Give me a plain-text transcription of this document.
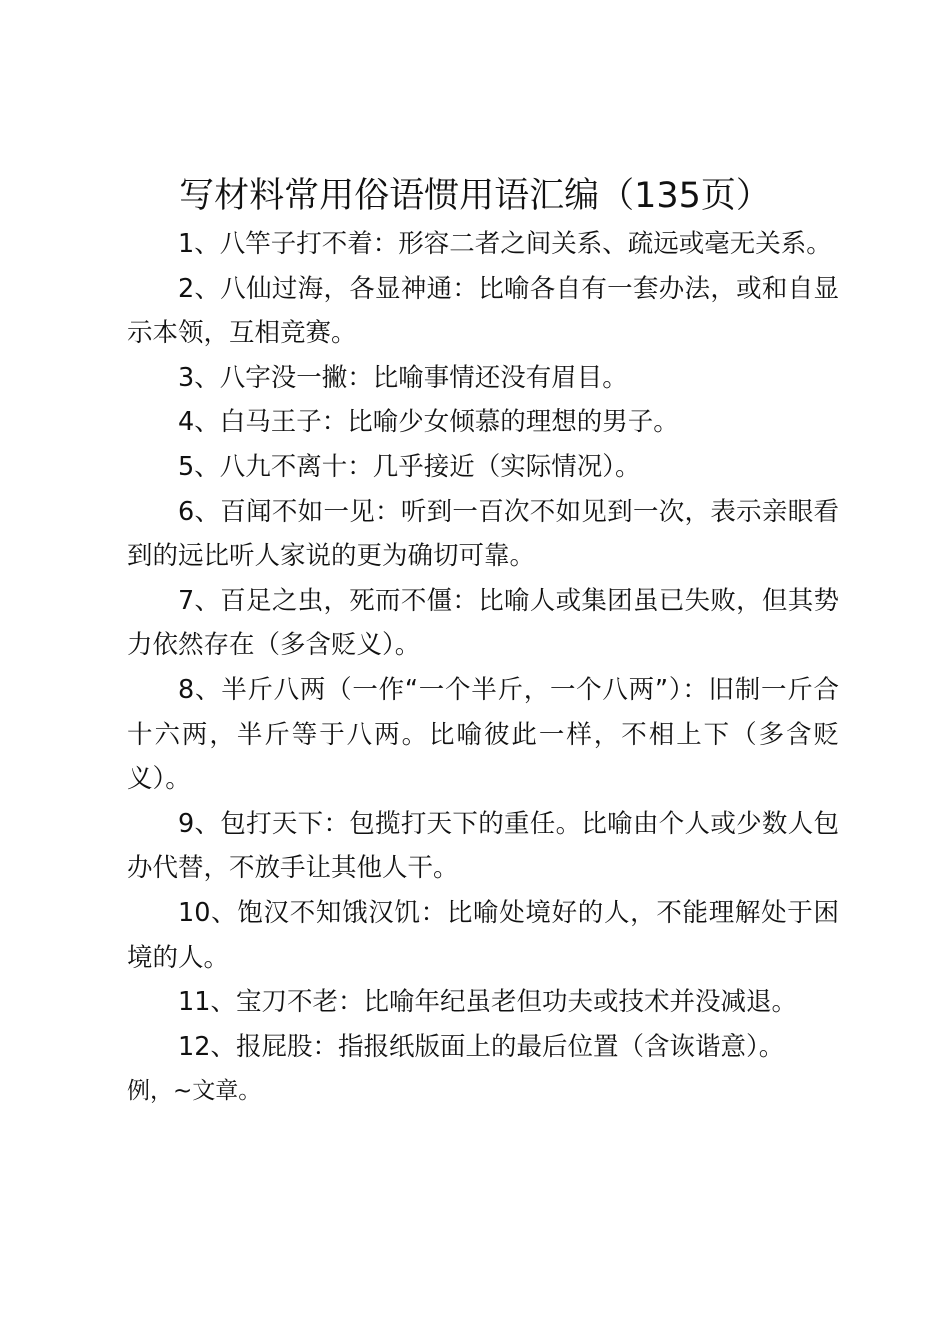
写材料常用俗语惯用语汇编（135页）

1、八竿子打不着：形容二者之间关系、疏远或毫无关系。

2、八仙过海，各显神通：比喻各自有一套办法，或和自显示本领，互相竞赛。

3、八字没一撇：比喻事情还没有眉目。

4、白马王子：比喻少女倾慕的理想的男子。

5、八九不离十：几乎接近（实际情况）。

6、百闻不如一见：听到一百次不如见到一次，表示亲眼看到的远比听人家说的更为确切可靠。

7、百足之虫，死而不僵：比喻人或集团虽已失败，但其势力依然存在（多含贬义）。

8、半斤八两（一作“一个半斤，一个八两”）：旧制一斤合十六两，半斤等于八两。比喻彼此一样，不相上下（多含贬义）。

9、包打天下：包揽打天下的重任。比喻由个人或少数人包办代替，不放手让其他人干。

10、饱汉不知饿汉饥：比喻处境好的人，不能理解处于困境的人。

11、宝刀不老：比喻年纪虽老但功夫或技术并没减退。

12、报屁股：指报纸版面上的最后位置（含诙谐意）。

例，~文章。
